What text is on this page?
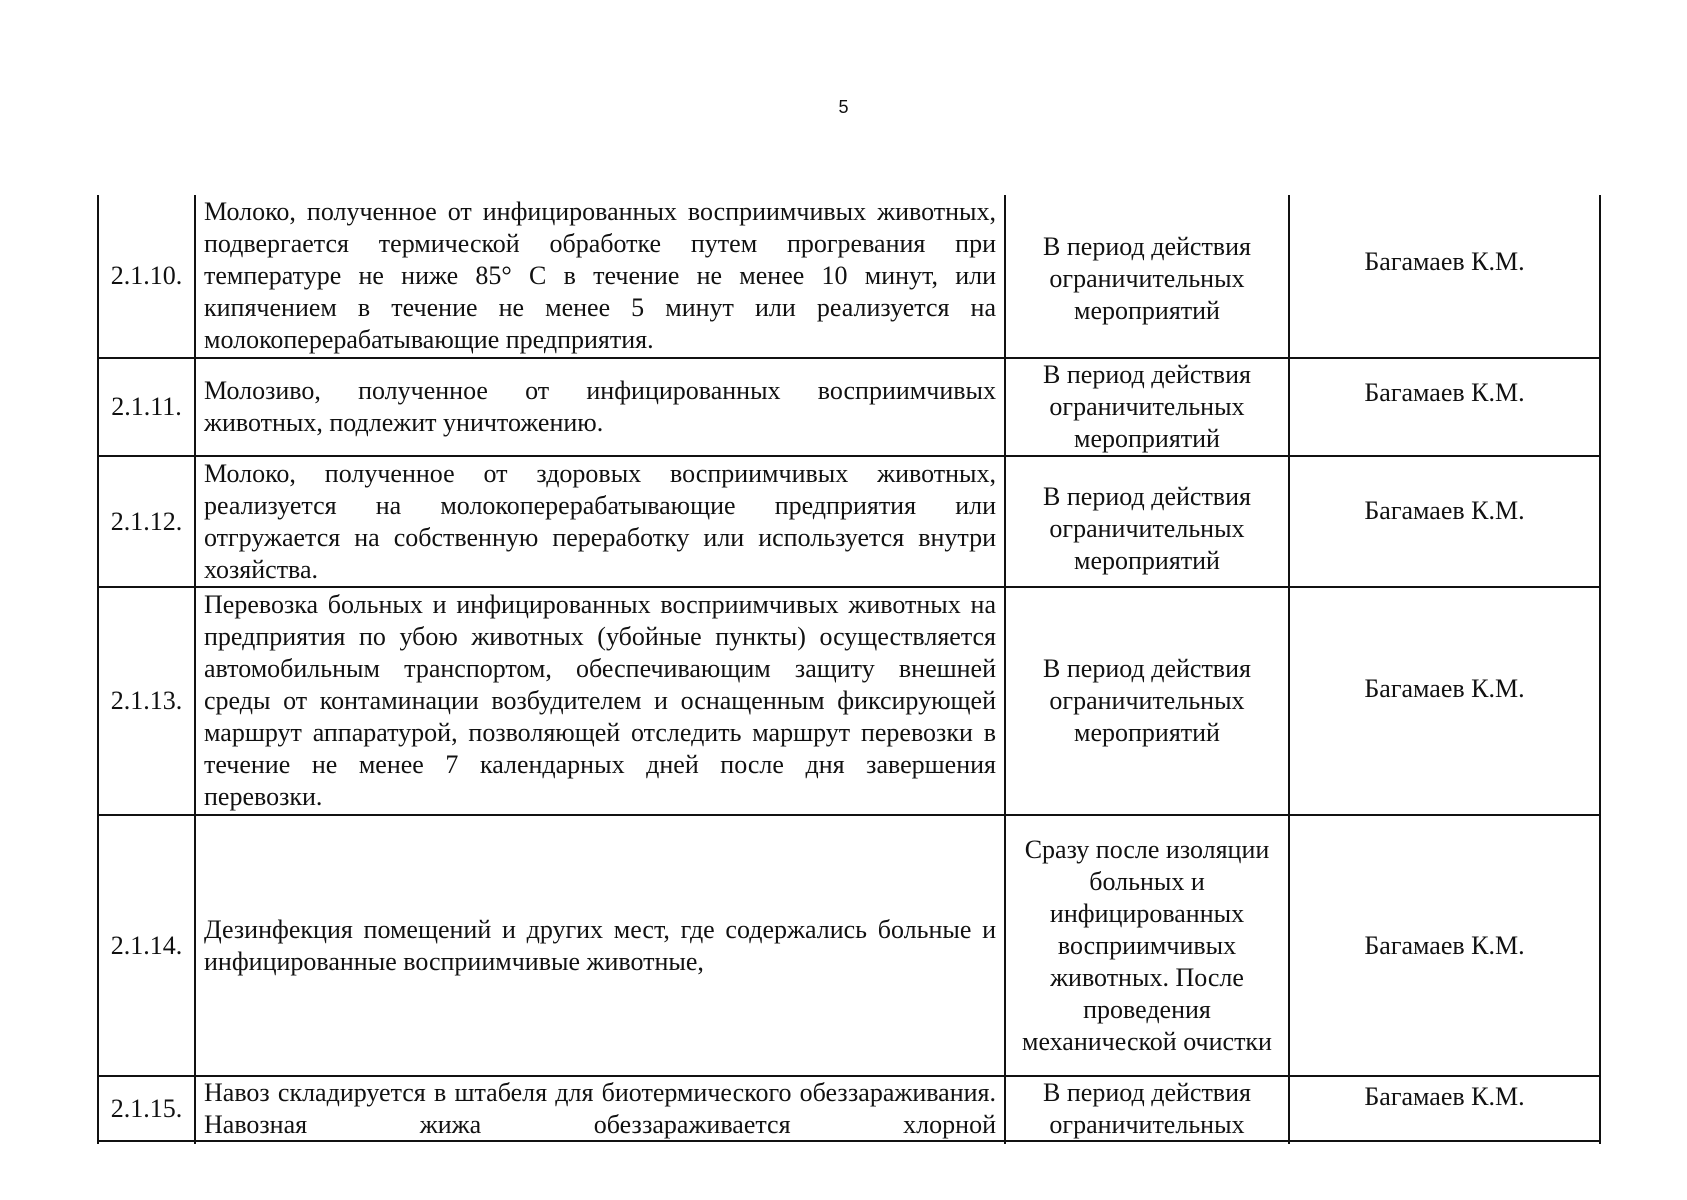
5
2.1.10.
Молоко, полученное от инфицированных восприимчивых животных, подвергается термической обработке путем прогревания при температуре не ниже 85° С в течение не менее 10 минут, или кипячением в течение не менее 5 минут или реализуется на молокоперерабатывающие предприятия.
В период действия ограничительных мероприятий
Багамаев К.М.
2.1.11.
Молозиво, полученное от инфицированных восприимчивых животных, подлежит уничтожению.
В период действия ограничительных мероприятий
Багамаев К.М.
2.1.12.
Молоко, полученное от здоровых восприимчивых животных, реализуется на молокоперерабатывающие предприятия или отгружается на собственную переработку или используется внутри хозяйства.
В период действия ограничительных мероприятий
Багамаев К.М.
2.1.13.
Перевозка больных и инфицированных восприимчивых животных на предприятия по убою животных (убойные пункты) осуществляется автомобильным транспортом, обеспечивающим защиту внешней среды от контаминации возбудителем и оснащенным фиксирующей маршрут аппаратурой, позволяющей отследить маршрут перевозки в течение не менее 7 календарных дней после дня завершения перевозки.
В период действия ограничительных мероприятий
Багамаев К.М.
2.1.14.
Дезинфекция помещений и других мест, где содержались больные и инфицированные восприимчивые животные,
Сразу после изоляции больных и инфицированных восприимчивых животных. После проведения механической очистки
Багамаев К.М.
2.1.15.
Навоз складируется в штабеля для биотермического обеззараживания. Навозная жижа обеззараживается хлорной
В период действия ограничительных
Багамаев К.М.
